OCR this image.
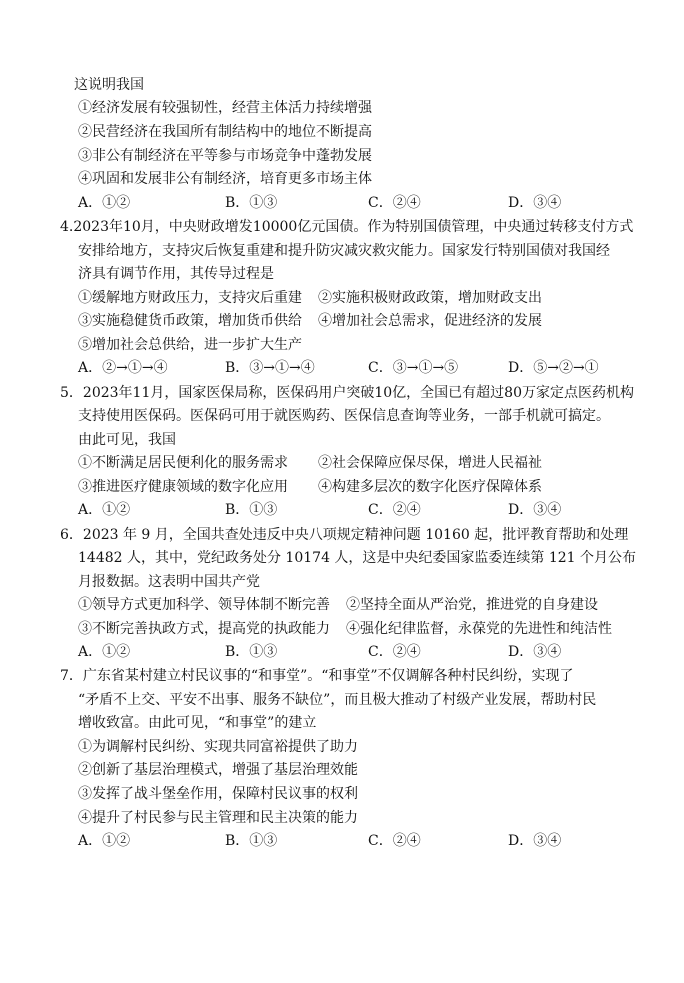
这说明我国
①经济发展有较强韧性，经营主体活力持续增强
②民营经济在我国所有制结构中的地位不断提高
③非公有制经济在平等参与市场竞争中蓬勃发展
④巩固和发展非公有制经济，培育更多市场主体
A．①②	B．①③	C．②④	D．③④
4.2023年10月，中央财政增发10000亿元国债。作为特别国债管理，中央通过转移支付方式
安排给地方，支持灾后恢复重建和提升防灾减灾救灾能力。国家发行特别国债对我国经
济具有调节作用，其传导过程是
①缓解地方财政压力，支持灾后重建 ②实施积极财政政策，增加财政支出
③实施稳健货币政策，增加货币供给 ④增加社会总需求，促进经济的发展
⑤增加社会总供给，进一步扩大生产
A．②→①→④	B．③→①→④	C．③→①→⑤	D．⑤→②→①
5．2023年11月，国家医保局称，医保码用户突破10亿，全国已有超过80万家定点医药机构
支持使用医保码。医保码可用于就医购药、医保信息查询等业务，一部手机就可搞定。
由此可见，我国
①不断满足居民便利化的服务需求 ②社会保障应保尽保，增进人民福祉
③推进医疗健康领域的数字化应用 ④构建多层次的数字化医疗保障体系
A．①②	B．①③	C．②④	D．③④
6．2023 年 9 月，全国共查处违反中央八项规定精神问题 10160 起，批评教育帮助和处理
14482 人，其中，党纪政务处分 10174 人，这是中央纪委国家监委连续第 121 个月公布
月报数据。这表明中国共产党
①领导方式更加科学、领导体制不断完善 ②坚持全面从严治党，推进党的自身建设
③不断完善执政方式，提高党的执政能力 ④强化纪律监督，永葆党的先进性和纯洁性
A．①②	B．①③	C．②④	D．③④
7．广东省某村建立村民议事的“和事堂”。“和事堂”不仅调解各种村民纠纷，实现了
“矛盾不上交、平安不出事、服务不缺位”，而且极大推动了村级产业发展，帮助村民
增收致富。由此可见，“和事堂”的建立
①为调解村民纠纷、实现共同富裕提供了助力
②创新了基层治理模式，增强了基层治理效能
③发挥了战斗堡垒作用，保障村民议事的权利
④提升了村民参与民主管理和民主决策的能力
A．①②	B．①③	C．②④	D．③④
